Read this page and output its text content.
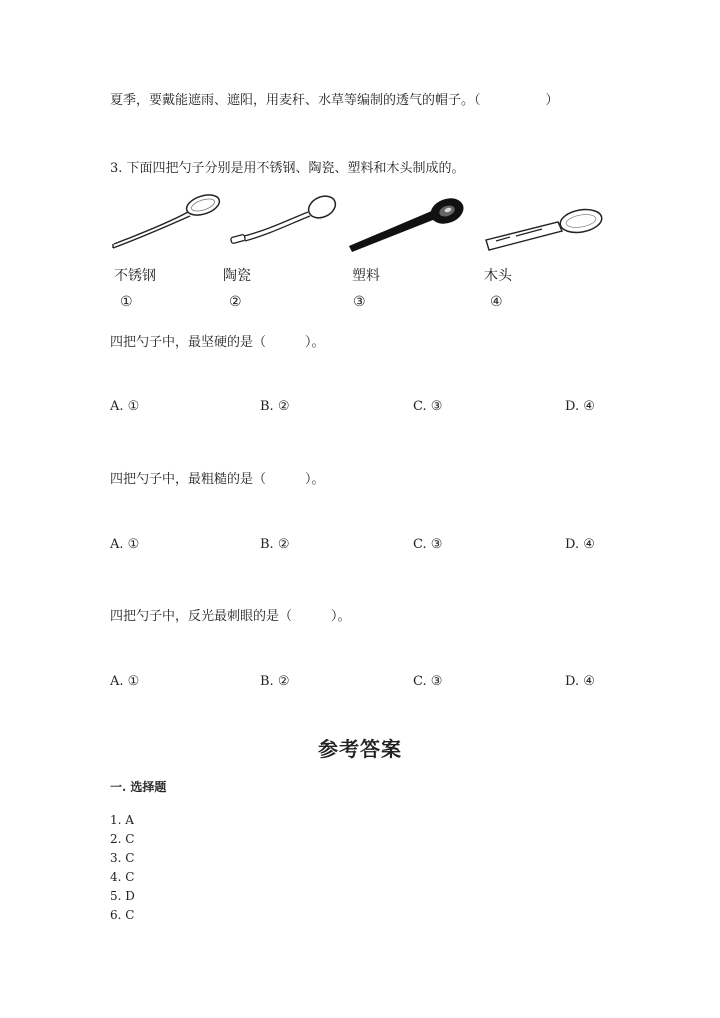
夏季，要戴能遮雨、遮阳，用麦秆、水草等编制的透气的帽子。（　　　　　）
3. 下面四把勺子分别是用不锈钢、陶瓷、塑料和木头制成的。
不锈钢	陶瓷	塑料	木头
①	②	③	④
四把勺子中，最坚硬的是（　　　）。
A. ①	B. ②	C. ③	D. ④
四把勺子中，最粗糙的是（　　　）。
A. ①	B. ②	C. ③	D. ④
四把勺子中，反光最刺眼的是（　　　）。
A. ①	B. ②	C. ③	D. ④
参考答案
一. 选择题
1. A
2. C
3. C
4. C
5. D
6. C
